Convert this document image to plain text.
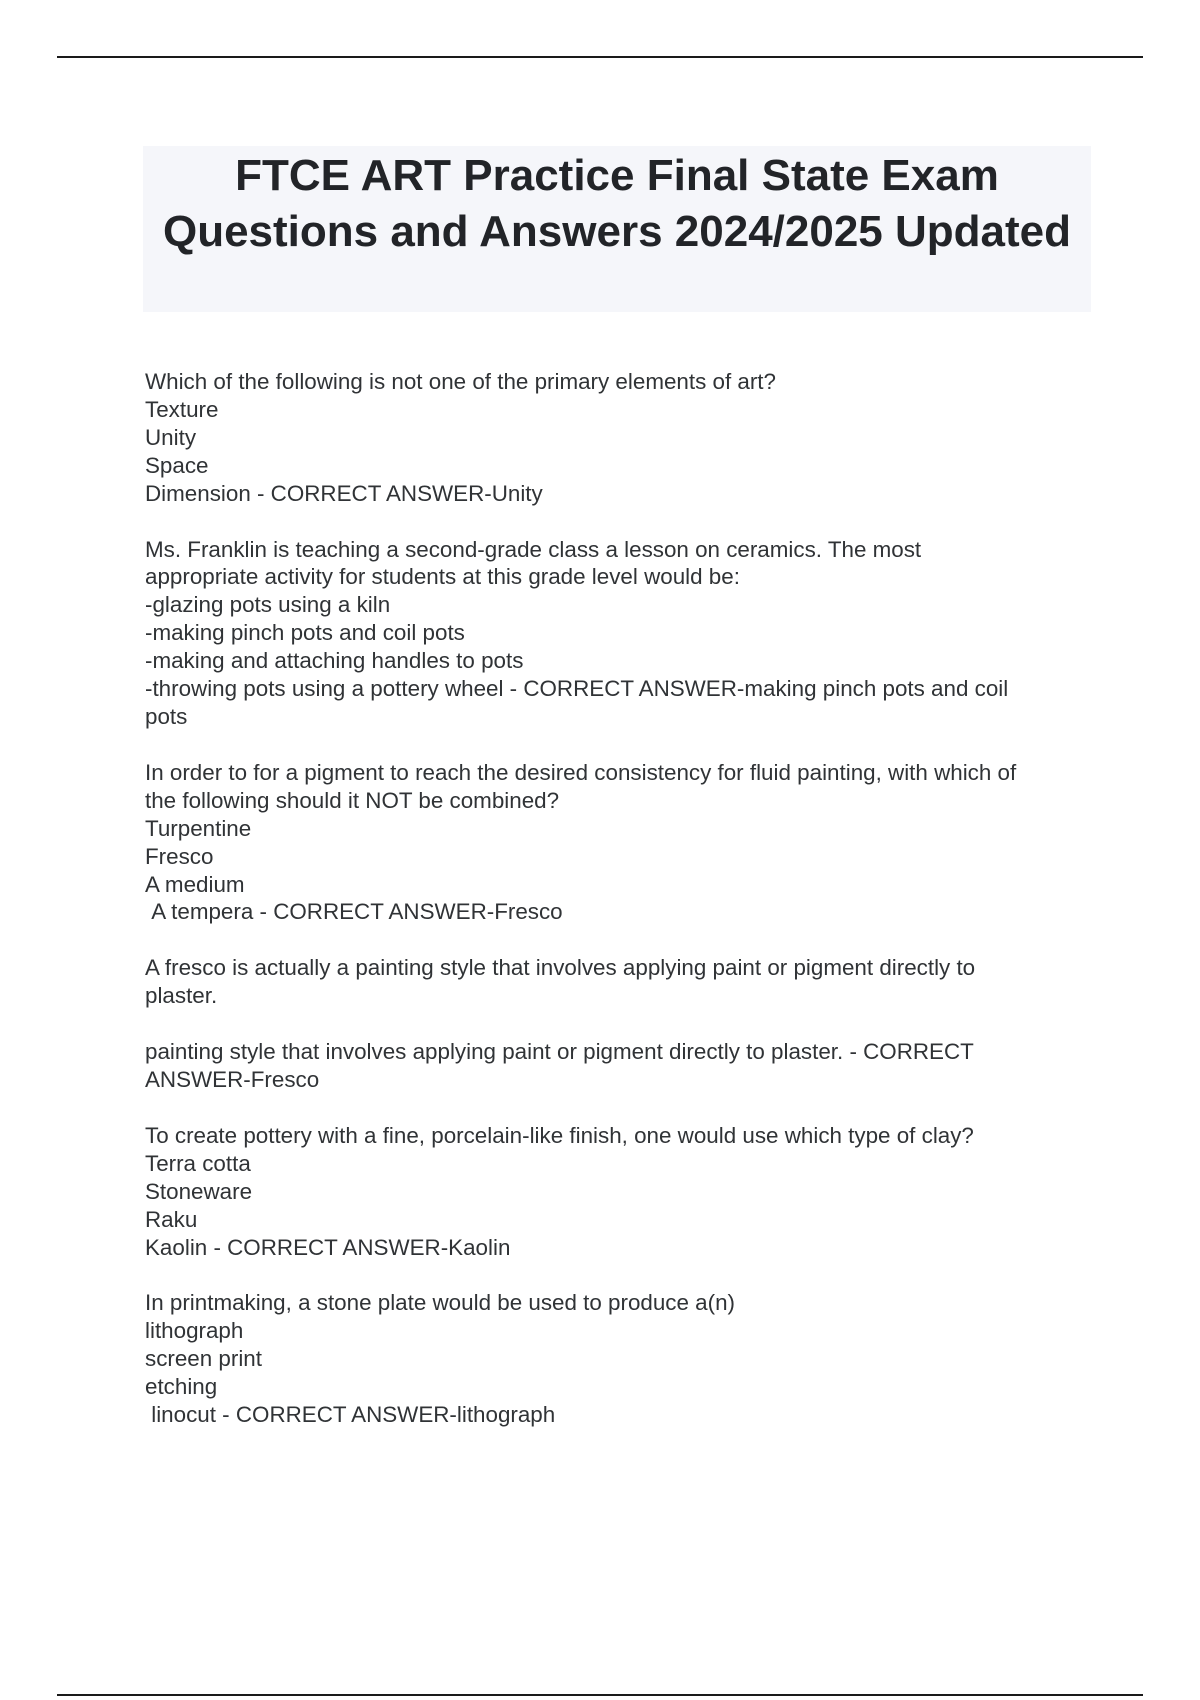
FTCE ART Practice Final State Exam Questions and Answers 2024/2025 Updated
Which of the following is not one of the primary elements of art?
Texture
Unity
Space
Dimension - CORRECT ANSWER-Unity
Ms. Franklin is teaching a second-grade class a lesson on ceramics. The most
appropriate activity for students at this grade level would be:
-glazing pots using a kiln
-making pinch pots and coil pots
-making and attaching handles to pots
-throwing pots using a pottery wheel - CORRECT ANSWER-making pinch pots and coil
pots
In order to for a pigment to reach the desired consistency for fluid painting, with which of
the following should it NOT be combined?
Turpentine
Fresco
A medium
A tempera - CORRECT ANSWER-Fresco
A fresco is actually a painting style that involves applying paint or pigment directly to
plaster.
painting style that involves applying paint or pigment directly to plaster. - CORRECT
ANSWER-Fresco
To create pottery with a fine, porcelain-like finish, one would use which type of clay?
Terra cotta
Stoneware
Raku
Kaolin - CORRECT ANSWER-Kaolin
In printmaking, a stone plate would be used to produce a(n)
lithograph
screen print
etching
linocut - CORRECT ANSWER-lithograph
